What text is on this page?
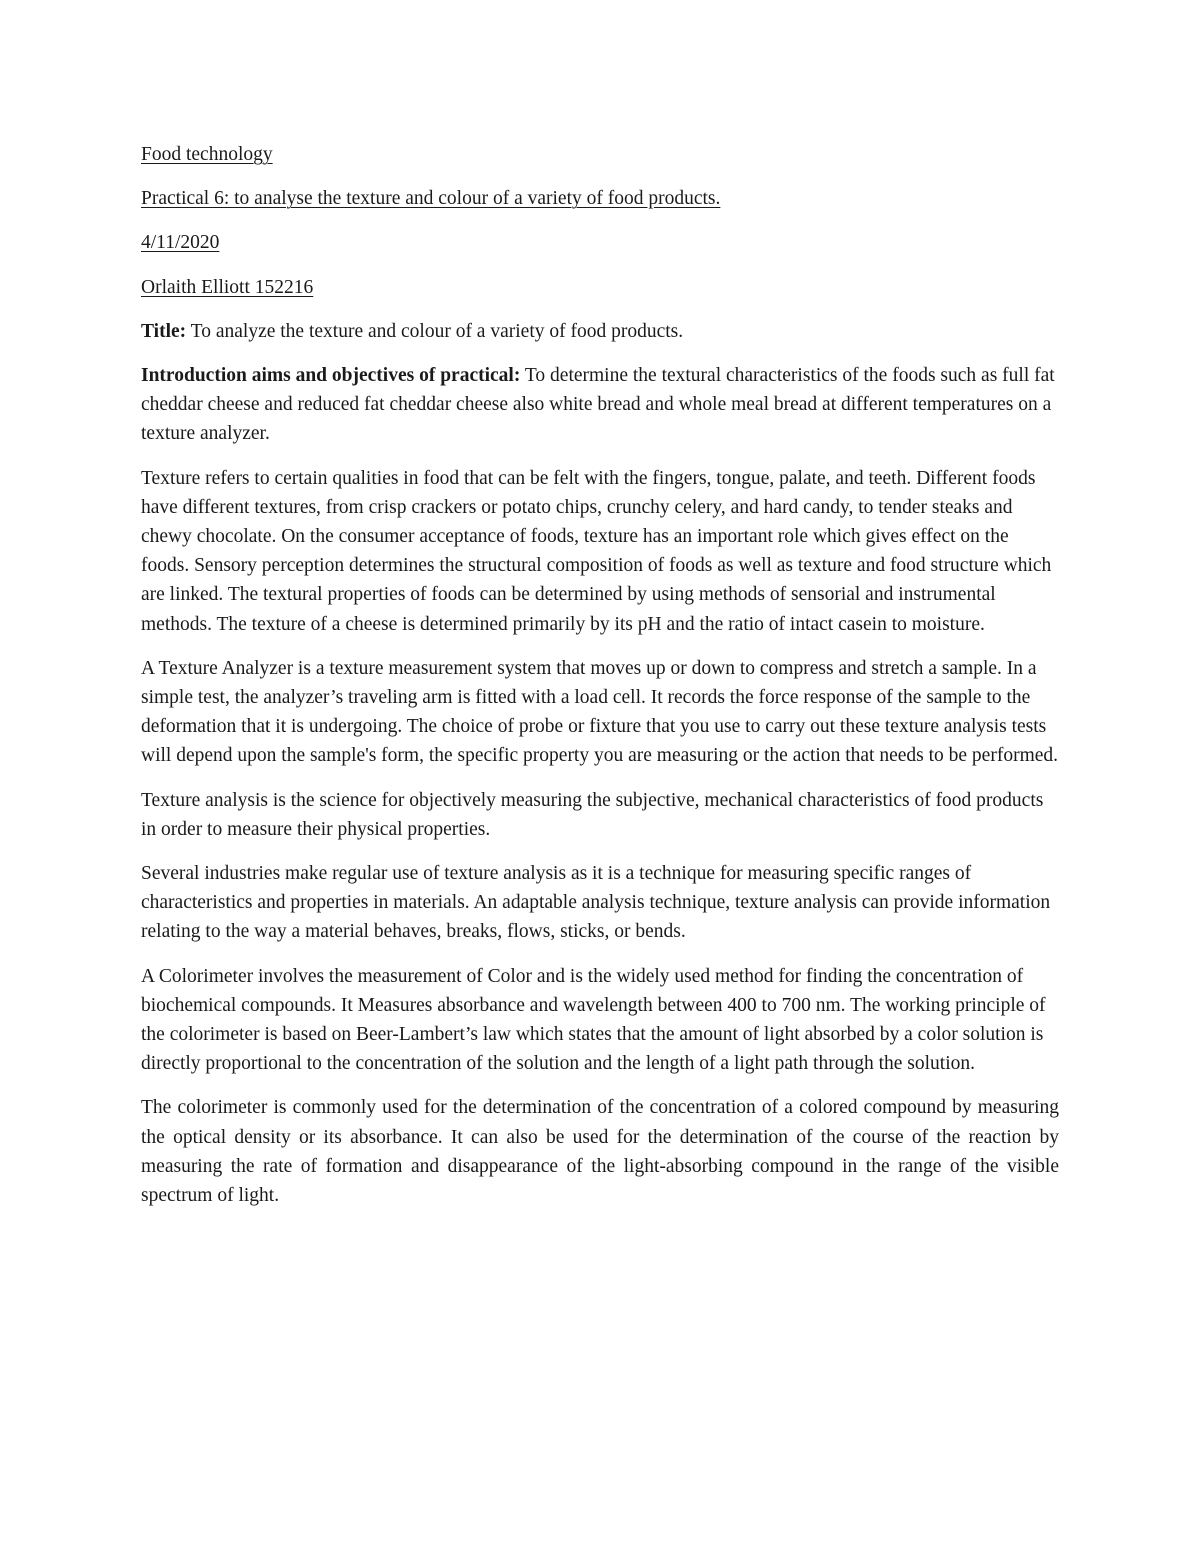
Food technology

Practical 6: to analyse the texture and colour of a variety of food products.

4/11/2020

Orlaith Elliott 152216

Title: To analyze the texture and colour of a variety of food products.

Introduction aims and objectives of practical: To determine the textural characteristics of the foods such as full fat cheddar cheese and reduced fat cheddar cheese also white bread and whole meal bread at different temperatures on a texture analyzer.

Texture refers to certain qualities in food that can be felt with the fingers, tongue, palate, and teeth. Different foods have different textures, from crisp crackers or potato chips, crunchy celery, and hard candy, to tender steaks and chewy chocolate. On the consumer acceptance of foods, texture has an important role which gives effect on the foods. Sensory perception determines the structural composition of foods as well as texture and food structure which are linked. The textural properties of foods can be determined by using methods of sensorial and instrumental methods. The texture of a cheese is determined primarily by its pH and the ratio of intact casein to moisture.

A Texture Analyzer is a texture measurement system that moves up or down to compress and stretch a sample. In a simple test, the analyzer’s traveling arm is fitted with a load cell. It records the force response of the sample to the deformation that it is undergoing. The choice of probe or fixture that you use to carry out these texture analysis tests will depend upon the sample's form, the specific property you are measuring or the action that needs to be performed.

Texture analysis is the science for objectively measuring the subjective, mechanical characteristics of food products in order to measure their physical properties.

Several industries make regular use of texture analysis as it is a technique for measuring specific ranges of characteristics and properties in materials. An adaptable analysis technique, texture analysis can provide information relating to the way a material behaves, breaks, flows, sticks, or bends.

A Colorimeter involves the measurement of Color and is the widely used method for finding the concentration of biochemical compounds. It Measures absorbance and wavelength between 400 to 700 nm. The working principle of the colorimeter is based on Beer-Lambert’s law which states that the amount of light absorbed by a color solution is directly proportional to the concentration of the solution and the length of a light path through the solution.

The colorimeter is commonly used for the determination of the concentration of a colored compound by measuring the optical density or its absorbance. It can also be used for the determination of the course of the reaction by measuring the rate of formation and disappearance of the light-absorbing compound in the range of the visible spectrum of light.
